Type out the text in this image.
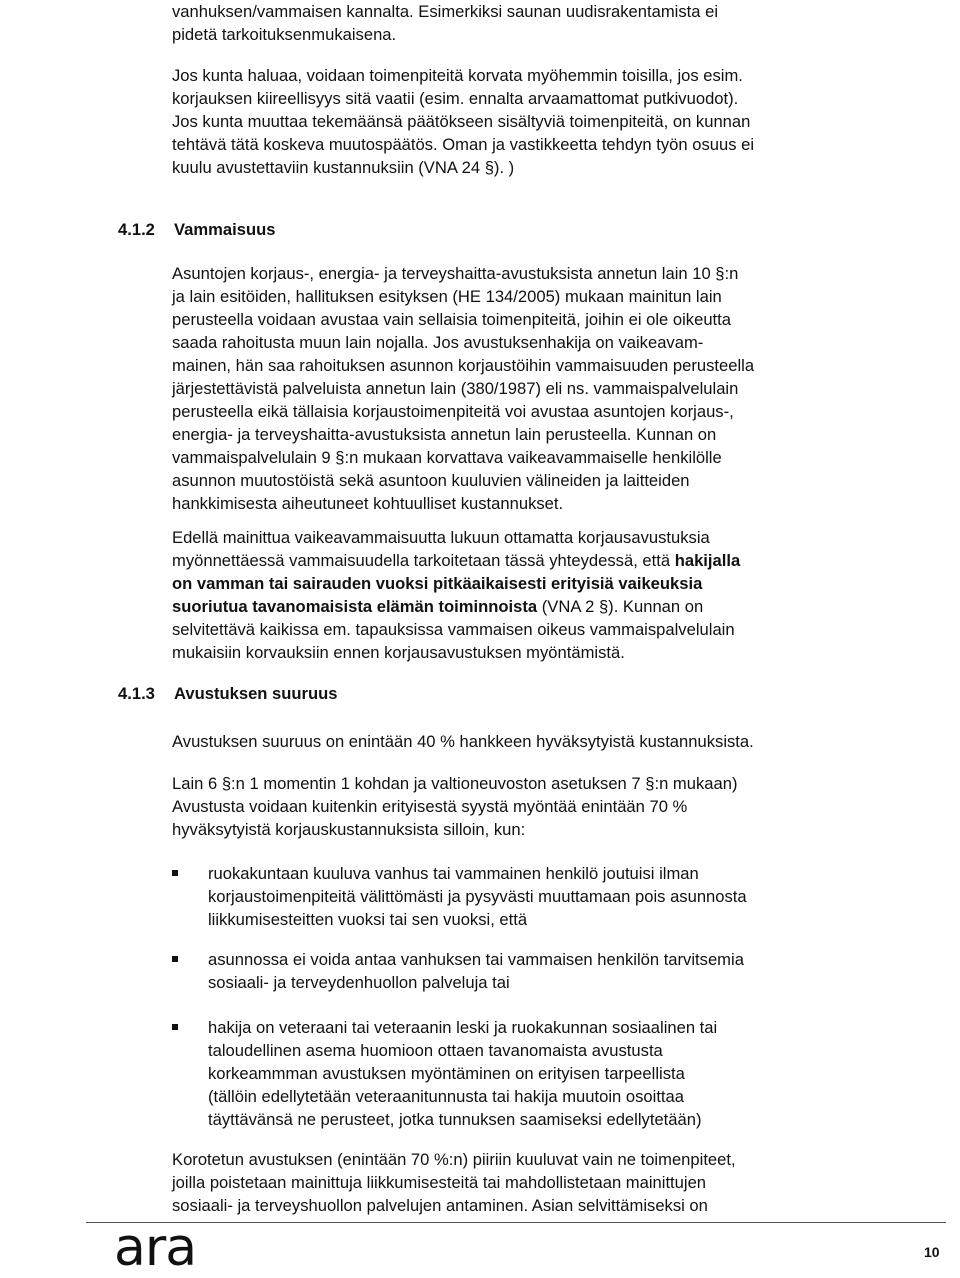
vanhuksen/vammaisen kannalta. Esimerkiksi saunan uudisrakentamista ei
pidetä tarkoituksenmukaisena.
Jos kunta haluaa, voidaan toimenpiteitä korvata myöhemmin toisilla, jos esim.
korjauksen kiireellisyys sitä vaatii (esim. ennalta arvaamattomat putkivuodot).
Jos kunta muuttaa tekemäänsä päätökseen sisältyviä toimenpiteitä, on kunnan
tehtävä tätä koskeva muutospäätös. Oman ja vastikkeetta tehdyn työn osuus ei
kuulu avustettaviin kustannuksiin (VNA 24 §). )
4.1.2 Vammaisuus
Asuntojen korjaus-, energia- ja terveyshaitta-avustuksista annetun lain 10 §:n
ja lain esitöiden, hallituksen esityksen (HE 134/2005) mukaan mainitun lain
perusteella voidaan avustaa vain sellaisia toimenpiteitä, joihin ei ole oikeutta
saada rahoitusta muun lain nojalla. Jos avustuksenhakija on vaikeavam-
mainen, hän saa rahoituksen asunnon korjaustöihin vammaisuuden perusteella
järjestettävistä palveluista annetun lain (380/1987) eli ns. vammaispalvelulain
perusteella eikä tällaisia korjaustoimenpiteitä voi avustaa asuntojen korjaus-,
energia- ja terveyshaitta-avustuksista annetun lain perusteella. Kunnan on
vammaispalvelulain 9 §:n mukaan korvattava vaikeavammaiselle henkilölle
asunnon muutostöistä sekä asuntoon kuuluvien välineiden ja laitteiden
hankkimisesta aiheutuneet kohtuulliset kustannukset.
Edellä mainittua vaikeavammaisuutta lukuun ottamatta korjausavustuksia
myönnettäessä vammaisuudella tarkoitetaan tässä yhteydessä, että hakijalla
on vamman tai sairauden vuoksi pitkäaikaisesti erityisiä vaikeuksia
suoriutua tavanomaisista elämän toiminnoista (VNA 2 §). Kunnan on
selvitettävä kaikissa em. tapauksissa vammaisen oikeus vammaispalvelulain
mukaisiin korvauksiin ennen korjausavustuksen myöntämistä.
4.1.3 Avustuksen suuruus
Avustuksen suuruus on enintään 40 % hankkeen hyväksytyistä kustannuksista.
Lain 6 §:n 1 momentin 1 kohdan ja valtioneuvoston asetuksen 7 §:n mukaan)
Avustusta voidaan kuitenkin erityisestä syystä myöntää enintään 70 %
hyväksytyistä korjauskustannuksista silloin, kun:
ruokakuntaan kuuluva vanhus tai vammainen henkilö joutuisi ilman
korjaustoimenpiteitä välittömästi ja pysyvästi muuttamaan pois asunnosta
liikkumisesteitten vuoksi tai sen vuoksi, että
asunnossa ei voida antaa vanhuksen tai vammaisen henkilön tarvitsemia
sosiaali- ja terveydenhuollon palveluja tai
hakija on veteraani tai veteraanin leski ja ruokakunnan sosiaalinen tai
taloudellinen asema huomioon ottaen tavanomaista avustusta
korkeammman avustuksen myöntäminen on erityisen tarpeellista
(tällöin edellytetään veteraanitunnusta tai hakija muutoin osoittaa
täyttävänsä ne perusteet, jotka tunnuksen saamiseksi edellytetään)
Korotetun avustuksen (enintään 70 %:n) piiriin kuuluvat vain ne toimenpiteet,
joilla poistetaan mainittuja liikkumisesteitä tai mahdollistetaan mainittujen
sosiaali- ja terveyshuollon palvelujen antaminen. Asian selvittämiseksi on
ara	10
